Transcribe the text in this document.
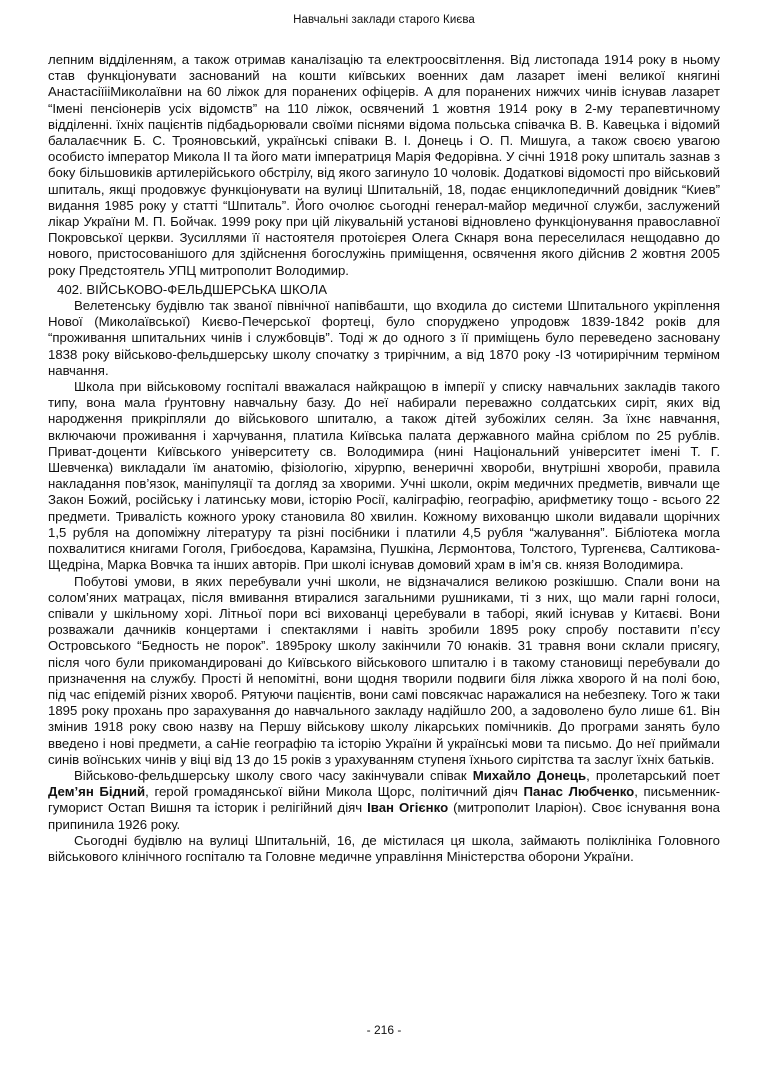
Навчальні заклади старого Києва

лепним відділенням, а також отримав каналізацію та електроосвітлення. Від листопада 1914 року в ньому став функціонувати заснований на кошти київських военних дам лазарет імені великої княгині АнастасіїiiМиколаївни на 60 ліжок для поранених офіцерів. А для поранених нижчих чинів існував лазарет “Імені пенсіонерів усіх відомств” на 110 ліжок, освячений 1 жовтня 1914 року в 2-му терапевтичному відділенні. їхніх пацієнтів підбадьорювали своїми піснями відома польська співачка В. В. Кавецька і відомий балалаєчник Б. С. Трояновський, українські співаки В. І. Донець і О. П. Мишуга, а також своєю увагою особисто імператор Микола ІІ та його мати імператриця Марія Федорівна. У січні 1918 року шпиталь зазнав з боку більшовиків артилерійського обстрілу, від якого загинуло 10 чоловік. Додаткові відомості про військовий шпиталь, якщі продовжує функціонувати на вулиці Шпитальній, 18, подає енциклопедичний довідник “Киев” видання 1985 року у статті “Шпиталь”. Його очолює сьогодні генерал-майор медичної служби, заслужений лікар України М. П. Бойчак. 1999 року при цій лікувальній установі відновлено функціонування православної Покровської церкви. Зусиллями її настоятеля протоієрея Олега Скнаря вона переселилася нещодавно до нового, пристосованішого для здійснення богослужінь приміщення, освячення якого дійснив 2 жовтня 2005 року Предстоятель УПЦ митрополит Володимир.

402. ВІЙСЬКОВО-ФЕЛЬДШЕРСЬКА ШКОЛА

Велетенську будівлю так званої північної напівбашти, що входила до системи Шпитального укріплення Нової (Миколаївської) Києво-Печерської фортеці, було споруджено упродовж 1839-1842 років для “проживання шпитальних чинів і службовців”. Тоді ж до одного з її приміщень було переведено засновану 1838 року військово-фельдшерську школу спочатку з трирічним, а від 1870 року -ІЗ чотирирічним терміном навчання.

Школа при військовому госпіталі вважалася найкращою в імперії у списку навчальних закладів такого типу, вона мала ґрунтовну навчальну базу. До неї набирали переважно солдатських сиріт, яких від народження прикріпляли до військового шпиталю, а також дітей зубожілих селян. За їхнє навчання, включаючи проживання і харчування, платила Київська палата державного майна сріблом по 25 рублів. Приват-доценти Київського університету св. Володимира (нині Національний університет імені Т. Г. Шевченка) викладали їм анатомію, фізіологію, хірурпю, венеричні хвороби, внутрішні хвороби, правила накладання пов’язок, маніпуляції та догляд за хворими. Учні школи, окрім медичних предметів, вивчали ще Закон Божий, російську і латинську мови, історію Росії, каліграфію, географію, арифметику тощо - всього 22 предмети. Тривалість кожного уроку становила 80 хвилин. Кожному вихованцю школи видавали щорічних 1,5 рубля на допоміжну літературу та різні посібники і платили 4,5 рубля “жалування”. Бібліотека могла похвалитися книгами Гоголя, Грибоєдова, Карамзіна, Пушкіна, Лєрмонтова, Толстого, Тургенєва, Салтикова-Щедріна, Марка Вовчка та інших авторів. При школі існував домовий храм в ім’я св. князя Володимира.

Побутові умови, в яких перебували учні школи, не відзначалися великою розкішшю. Спали вони на солом’яних матрацах, після вмивання втиралися загальними рушниками, ті з них, що мали гарні голоси, співали у шкільному хорі. Літньої пори всі вихованці церебували в таборі, який існував у Китаєві. Вони розважали дачників концертами і спектаклями і навіть зробили 1895 року спробу поставити п’єсу Островського “Бедность не порок”. 1895року школу закінчили 70 юнаків. 31 травня вони склали присягу, після чого були прикомандировані до Київського військового шпиталю і в такому становищі перебували до призначення на службу. Прості й непомітні, вони щодня творили подвиги біля ліжка хворого й на полі бою, під час епідемій різних хвороб. Рятуючи пацієнтів, вони самі повсякчас наражалися на небезпеку. Того ж таки 1895 року прохань про зарахування до навчального закладу надійшло 200, а задоволено було лише 61. Він змінив 1918 року свою назву на Першу військову школу лікарських помічників. До програми занять було введено і нові предмети, а саНіе географію та історію України й українські мови та письмо. До неї приймали синів воїнських чинів у віці від 13 до 15 років з урахуванням ступеня їхнього сирітства та заслуг їхніх батьків.

Військово-фельдшерську школу свого часу закінчували співак Михайло Донець, пролетарський поет Дем’ян Бідний, герой громадянської війни Микола Щорс, політичний діяч Панас Любченко, письменник-гуморист Остап Вишня та історик і релігійний діяч Іван Огієнко (митрополит Іларіон). Своє існування вона припинила 1926 року.

Сьогодні будівлю на вулиці Шпитальній, 16, де містилася ця школа, займають поліклініка Головного військового клінічного госпіталю та Головне медичне управління Міністерства оборони України.

- 216 -
